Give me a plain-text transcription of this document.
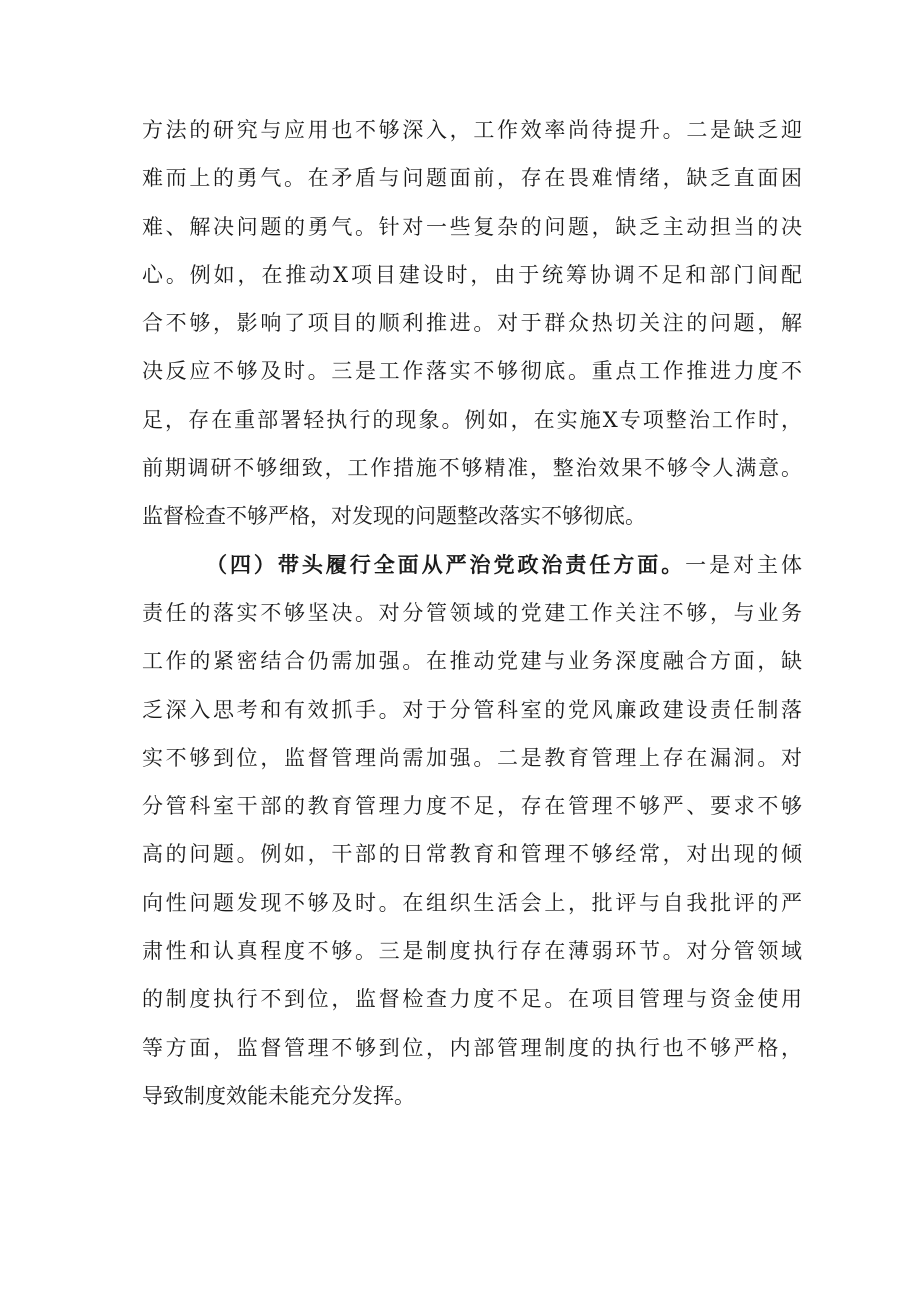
方法的研究与应用也不够深入，工作效率尚待提升。二是缺乏迎
难而上的勇气。在矛盾与问题面前，存在畏难情绪，缺乏直面困
难、解决问题的勇气。针对一些复杂的问题，缺乏主动担当的决
心。例如，在推动X项目建设时，由于统筹协调不足和部门间配
合不够，影响了项目的顺利推进。对于群众热切关注的问题，解
决反应不够及时。三是工作落实不够彻底。重点工作推进力度不
足，存在重部署轻执行的现象。例如，在实施X专项整治工作时，
前期调研不够细致，工作措施不够精准，整治效果不够令人满意。
监督检查不够严格，对发现的问题整改落实不够彻底。
（四）带头履行全面从严治党政治责任方面。一是对主体
责任的落实不够坚决。对分管领域的党建工作关注不够，与业务
工作的紧密结合仍需加强。在推动党建与业务深度融合方面，缺
乏深入思考和有效抓手。对于分管科室的党风廉政建设责任制落
实不够到位，监督管理尚需加强。二是教育管理上存在漏洞。对
分管科室干部的教育管理力度不足，存在管理不够严、要求不够
高的问题。例如，干部的日常教育和管理不够经常，对出现的倾
向性问题发现不够及时。在组织生活会上，批评与自我批评的严
肃性和认真程度不够。三是制度执行存在薄弱环节。对分管领域
的制度执行不到位，监督检查力度不足。在项目管理与资金使用
等方面，监督管理不够到位，内部管理制度的执行也不够严格，
导致制度效能未能充分发挥。
